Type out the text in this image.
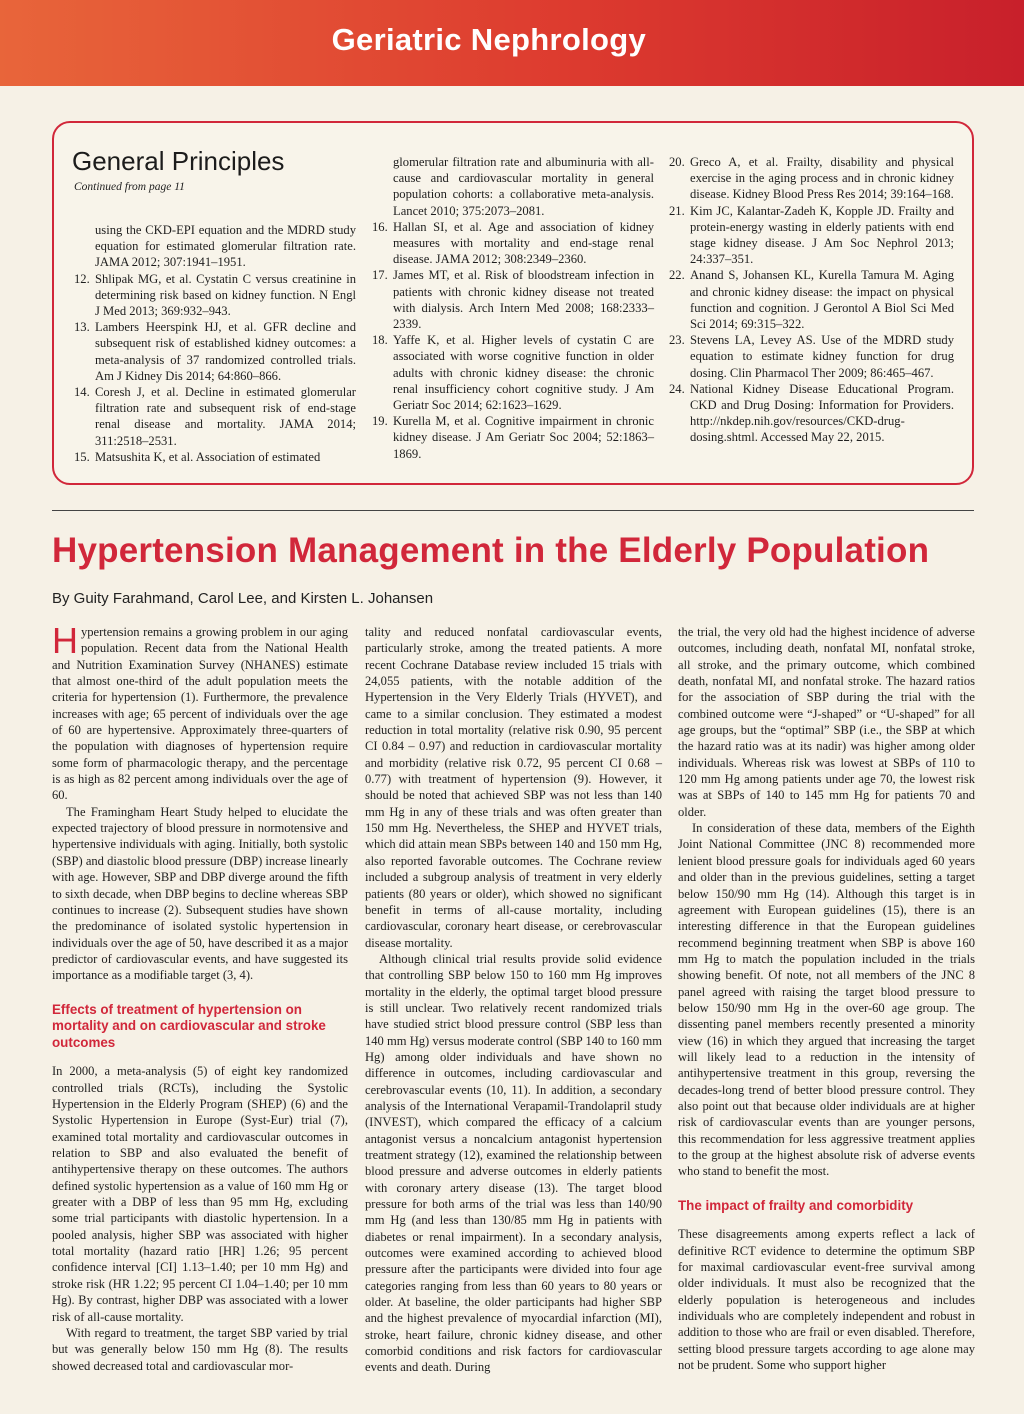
Geriatric Nephrology
General Principles
Continued from page 11
using the CKD-EPI equation and the MDRD study equation for estimated glomerular filtration rate. JAMA 2012; 307:1941–1951.
12. Shlipak MG, et al. Cystatin C versus creatinine in determining risk based on kidney function. N Engl J Med 2013; 369:932–943.
13. Lambers Heerspink HJ, et al. GFR decline and subsequent risk of established kidney outcomes: a meta-analysis of 37 randomized controlled trials. Am J Kidney Dis 2014; 64:860–866.
14. Coresh J, et al. Decline in estimated glomerular filtration rate and subsequent risk of end-stage renal disease and mortality. JAMA 2014; 311:2518–2531.
15. Matsushita K, et al. Association of estimated
glomerular filtration rate and albuminuria with all-cause and cardiovascular mortality in general population cohorts: a collaborative meta-analysis. Lancet 2010; 375:2073–2081.
16. Hallan SI, et al. Age and association of kidney measures with mortality and end-stage renal disease. JAMA 2012; 308:2349–2360.
17. James MT, et al. Risk of bloodstream infection in patients with chronic kidney disease not treated with dialysis. Arch Intern Med 2008; 168:2333–2339.
18. Yaffe K, et al. Higher levels of cystatin C are associated with worse cognitive function in older adults with chronic kidney disease: the chronic renal insufficiency cohort cognitive study. J Am Geriatr Soc 2014; 62:1623–1629.
19. Kurella M, et al. Cognitive impairment in chronic kidney disease. J Am Geriatr Soc 2004; 52:1863–1869.
20. Greco A, et al. Frailty, disability and physical exercise in the aging process and in chronic kidney disease. Kidney Blood Press Res 2014; 39:164–168.
21. Kim JC, Kalantar-Zadeh K, Kopple JD. Frailty and protein-energy wasting in elderly patients with end stage kidney disease. J Am Soc Nephrol 2013; 24:337–351.
22. Anand S, Johansen KL, Kurella Tamura M. Aging and chronic kidney disease: the impact on physical function and cognition. J Gerontol A Biol Sci Med Sci 2014; 69:315–322.
23. Stevens LA, Levey AS. Use of the MDRD study equation to estimate kidney function for drug dosing. Clin Pharmacol Ther 2009; 86:465–467.
24. National Kidney Disease Educational Program. CKD and Drug Dosing: Information for Providers. http://nkdep.nih.gov/resources/CKD-drug-dosing.shtml. Accessed May 22, 2015.
Hypertension Management in the Elderly Population
By Guity Farahmand, Carol Lee, and Kirsten L. Johansen

Hypertension remains a growing problem in our aging population. Recent data from the National Health and Nutrition Examination Survey (NHANES) estimate that almost one-third of the adult population meets the criteria for hypertension (1). Furthermore, the prevalence increases with age; 65 percent of individuals over the age of 60 are hypertensive. Approximately three-quarters of the population with diagnoses of hypertension require some form of pharmacologic therapy, and the percentage is as high as 82 percent among individuals over the age of 60.

The Framingham Heart Study helped to elucidate the expected trajectory of blood pressure in normotensive and hypertensive individuals with aging. Initially, both systolic (SBP) and diastolic blood pressure (DBP) increase linearly with age. However, SBP and DBP diverge around the fifth to sixth decade, when DBP begins to decline whereas SBP continues to increase (2). Subsequent studies have shown the predominance of isolated systolic hypertension in individuals over the age of 50, have described it as a major predictor of cardiovascular events, and have suggested its importance as a modifiable target (3, 4).

Effects of treatment of hypertension on mortality and on cardiovascular and stroke outcomes

In 2000, a meta-analysis (5) of eight key randomized controlled trials (RCTs), including the Systolic Hypertension in the Elderly Program (SHEP) (6) and the Systolic Hypertension in Europe (Syst-Eur) trial (7), examined total mortality and cardiovascular outcomes in relation to SBP and also evaluated the benefit of antihypertensive therapy on these outcomes. The authors defined systolic hypertension as a value of 160 mm Hg or greater with a DBP of less than 95 mm Hg, excluding some trial participants with diastolic hypertension. In a pooled analysis, higher SBP was associated with higher total mortality (hazard ratio [HR] 1.26; 95 percent confidence interval [CI] 1.13–1.40; per 10 mm Hg) and stroke risk (HR 1.22; 95 percent CI 1.04–1.40; per 10 mm Hg). By contrast, higher DBP was associated with a lower risk of all-cause mortality.

With regard to treatment, the target SBP varied by trial but was generally below 150 mm Hg (8). The results showed decreased total and cardiovascular mor-

tality and reduced nonfatal cardiovascular events, particularly stroke, among the treated patients. A more recent Cochrane Database review included 15 trials with 24,055 patients, with the notable addition of the Hypertension in the Very Elderly Trials (HYVET), and came to a similar conclusion. They estimated a modest reduction in total mortality (relative risk 0.90, 95 percent CI 0.84 – 0.97) and reduction in cardiovascular mortality and morbidity (relative risk 0.72, 95 percent CI 0.68 – 0.77) with treatment of hypertension (9). However, it should be noted that achieved SBP was not less than 140 mm Hg in any of these trials and was often greater than 150 mm Hg. Nevertheless, the SHEP and HYVET trials, which did attain mean SBPs between 140 and 150 mm Hg, also reported favorable outcomes. The Cochrane review included a subgroup analysis of treatment in very elderly patients (80 years or older), which showed no significant benefit in terms of all-cause mortality, including cardiovascular, coronary heart disease, or cerebrovascular disease mortality.

Although clinical trial results provide solid evidence that controlling SBP below 150 to 160 mm Hg improves mortality in the elderly, the optimal target blood pressure is still unclear. Two relatively recent randomized trials have studied strict blood pressure control (SBP less than 140 mm Hg) versus moderate control (SBP 140 to 160 mm Hg) among older individuals and have shown no difference in outcomes, including cardiovascular and cerebrovascular events (10, 11). In addition, a secondary analysis of the International Verapamil-Trandolapril study (INVEST), which compared the efficacy of a calcium antagonist versus a noncalcium antagonist hypertension treatment strategy (12), examined the relationship between blood pressure and adverse outcomes in elderly patients with coronary artery disease (13). The target blood pressure for both arms of the trial was less than 140/90 mm Hg (and less than 130/85 mm Hg in patients with diabetes or renal impairment). In a secondary analysis, outcomes were examined according to achieved blood pressure after the participants were divided into four age categories ranging from less than 60 years to 80 years or older. At baseline, the older participants had higher SBP and the highest prevalence of myocardial infarction (MI), stroke, heart failure, chronic kidney disease, and other comorbid conditions and risk factors for cardiovascular events and death. During

the trial, the very old had the highest incidence of adverse outcomes, including death, nonfatal MI, nonfatal stroke, all stroke, and the primary outcome, which combined death, nonfatal MI, and nonfatal stroke. The hazard ratios for the association of SBP during the trial with the combined outcome were “J-shaped” or “U-shaped” for all age groups, but the “optimal” SBP (i.e., the SBP at which the hazard ratio was at its nadir) was higher among older individuals. Whereas risk was lowest at SBPs of 110 to 120 mm Hg among patients under age 70, the lowest risk was at SBPs of 140 to 145 mm Hg for patients 70 and older.

In consideration of these data, members of the Eighth Joint National Committee (JNC 8) recommended more lenient blood pressure goals for individuals aged 60 years and older than in the previous guidelines, setting a target below 150/90 mm Hg (14). Although this target is in agreement with European guidelines (15), there is an interesting difference in that the European guidelines recommend beginning treatment when SBP is above 160 mm Hg to match the population included in the trials showing benefit. Of note, not all members of the JNC 8 panel agreed with raising the target blood pressure to below 150/90 mm Hg in the over-60 age group. The dissenting panel members recently presented a minority view (16) in which they argued that increasing the target will likely lead to a reduction in the intensity of antihypertensive treatment in this group, reversing the decades-long trend of better blood pressure control. They also point out that because older individuals are at higher risk of cardiovascular events than are younger persons, this recommendation for less aggressive treatment applies to the group at the highest absolute risk of adverse events who stand to benefit the most.

The impact of frailty and comorbidity

These disagreements among experts reflect a lack of definitive RCT evidence to determine the optimum SBP for maximal cardiovascular event-free survival among older individuals. It must also be recognized that the elderly population is heterogeneous and includes individuals who are completely independent and robust in addition to those who are frail or even disabled. Therefore, setting blood pressure targets according to age alone may not be prudent. Some who support higher
